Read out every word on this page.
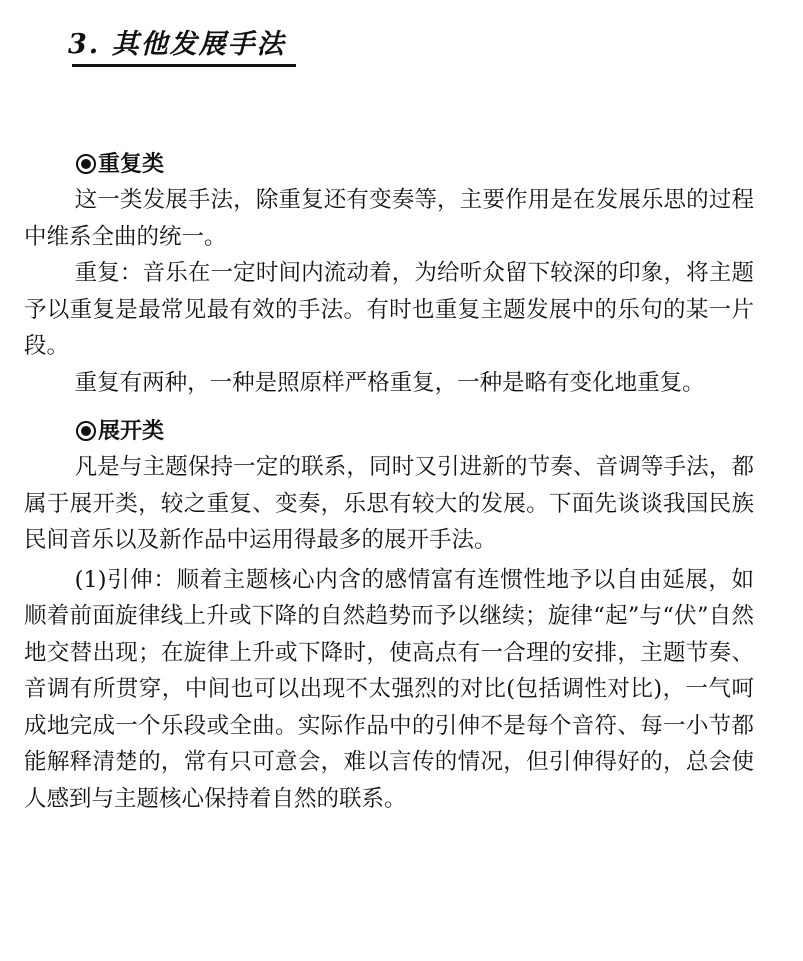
3. 其他发展手法
重复类

这一类发展手法，除重复还有变奏等，主要作用是在发展乐思的过程中维系全曲的统一。

重复：音乐在一定时间内流动着，为给听众留下较深的印象，将主题予以重复是最常见最有效的手法。有时也重复主题发展中的乐句的某一片段。

重复有两种，一种是照原样严格重复，一种是略有变化地重复。

展开类

凡是与主题保持一定的联系，同时又引进新的节奏、音调等手法，都属于展开类，较之重复、变奏，乐思有较大的发展。下面先谈谈我国民族民间音乐以及新作品中运用得最多的展开手法。

(1)引伸：顺着主题核心内含的感情富有连惯性地予以自由延展，如顺着前面旋律线上升或下降的自然趋势而予以继续；旋律“起”与“伏”自然地交替出现；在旋律上升或下降时，使高点有一合理的安排，主题节奏、音调有所贯穿，中间也可以出现不太强烈的对比(包括调性对比)，一气呵成地完成一个乐段或全曲。实际作品中的引伸不是每个音符、每一小节都能解释清楚的，常有只可意会，难以言传的情况，但引伸得好的，总会使人感到与主题核心保持着自然的联系。
